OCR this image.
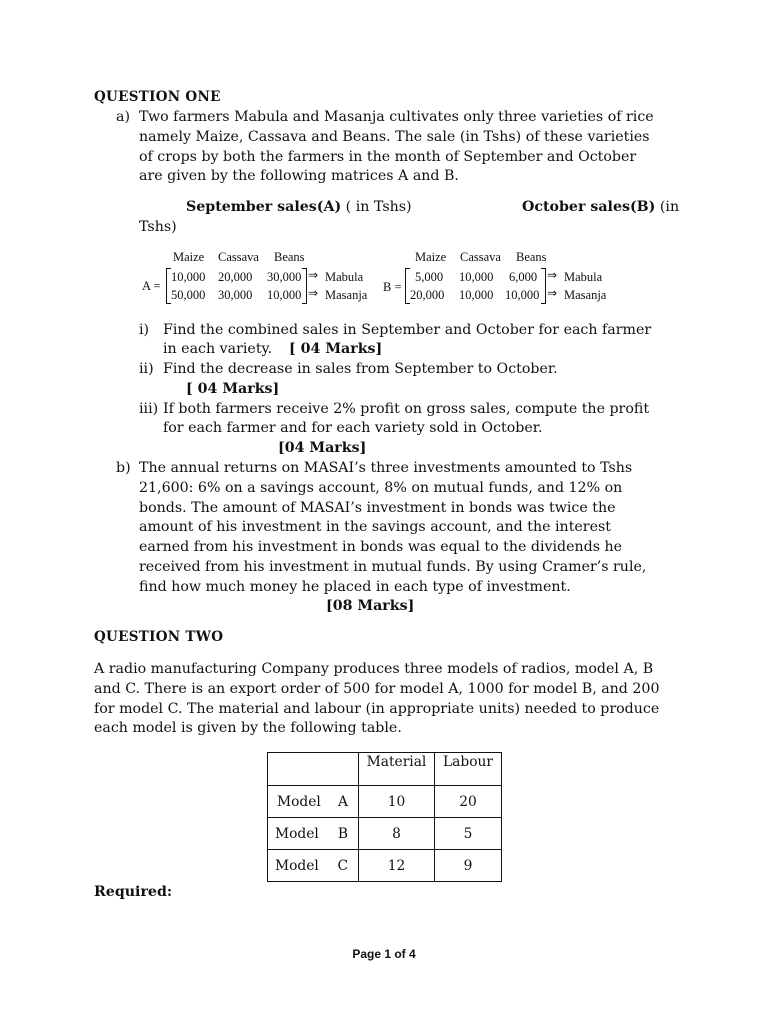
QUESTION ONE
a) Two farmers Mabula and Masanja cultivates only three varieties of rice
namely Maize, Cassava and Beans. The sale (in Tshs) of these varieties
of crops by both the farmers in the month of September and October
are given by the following matrices A and B.
September sales(A) ( in Tshs)	October sales(B) (in
Tshs)
Maize Cassava Beans
A =
10,000 20,000 30,000 ⇒ Mabula
50,000 30,000 10,000 ⇒ Masanja
Maize Cassava Beans
B =
5,000 10,000 6,000 ⇒ Mabula
20,000 10,000 10,000 ⇒ Masanja
i) Find the combined sales in September and October for each farmer
in each variety. [ 04 Marks]
ii) Find the decrease in sales from September to October.
[ 04 Marks]
iii) If both farmers receive 2% profit on gross sales, compute the profit
for each farmer and for each variety sold in October.
[04 Marks]
b) The annual returns on MASAI’s three investments amounted to Tshs
21,600: 6% on a savings account, 8% on mutual funds, and 12% on
bonds. The amount of MASAI’s investment in bonds was twice the
amount of his investment in the savings account, and the interest
earned from his investment in bonds was equal to the dividends he
received from his investment in mutual funds. By using Cramer’s rule,
find how much money he placed in each type of investment.
[08 Marks]
QUESTION TWO
A radio manufacturing Company produces three models of radios, model A, B
and C. There is an export order of 500 for model A, 1000 for model B, and 200
for model C. The material and labour (in appropriate units) needed to produce
each model is given by the following table.
	Material	Labour
Model A	10	20
Model B	8	5
Model C	12	9
Required:
Page 1 of 4
